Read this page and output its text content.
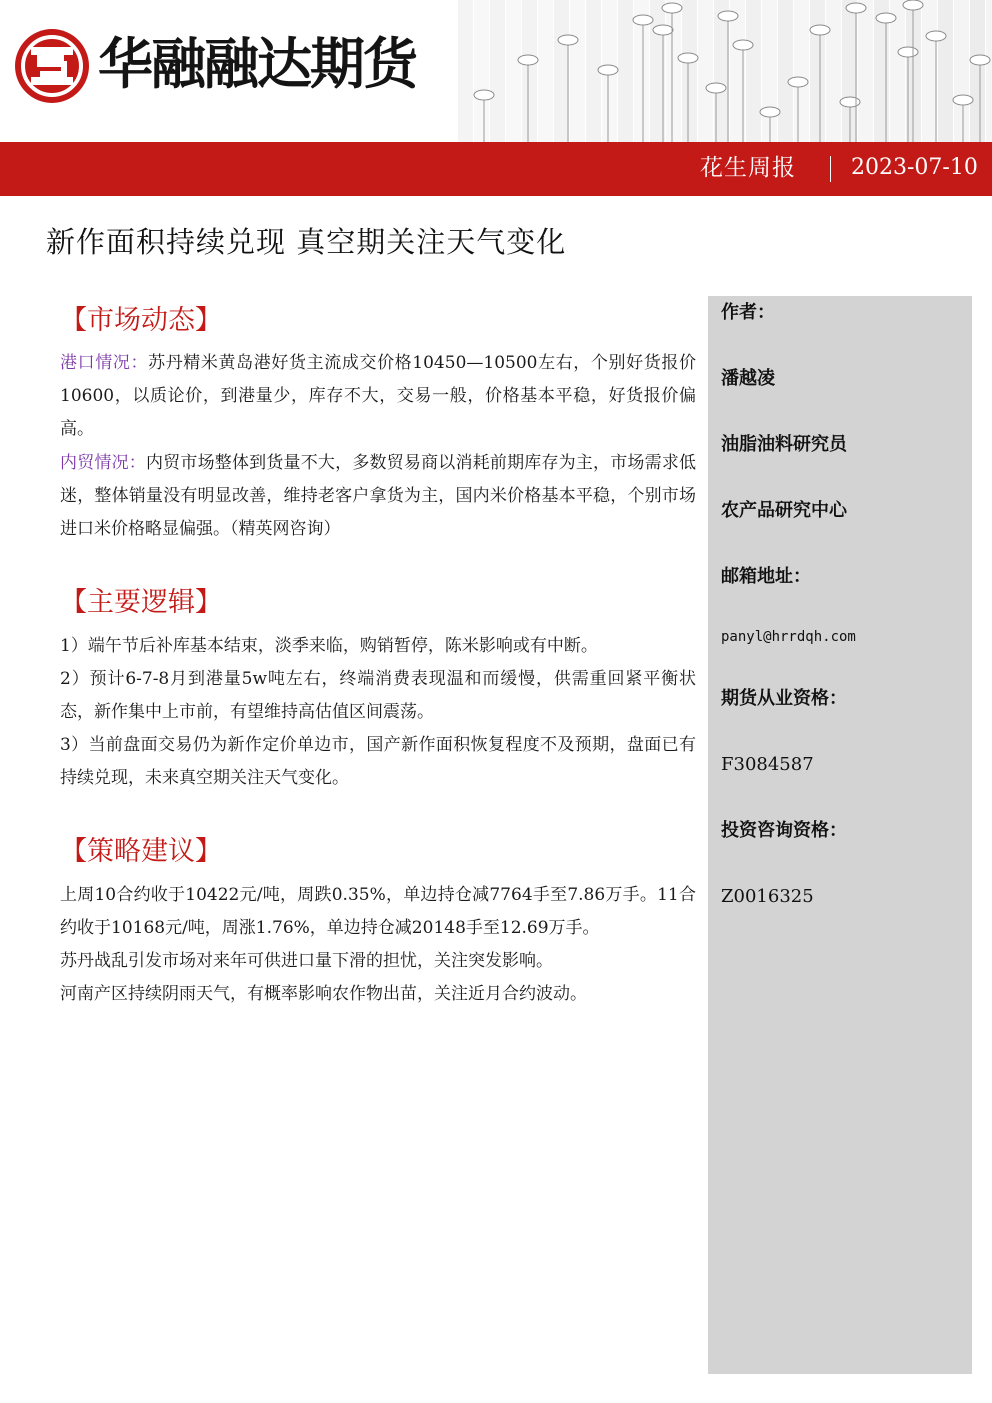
华融融达期货
花生周报	2023-07-10
新作面积持续兑现 真空期关注天气变化
作者：
潘越凌
油脂油料研究员
农产品研究中心
邮箱地址：
panyl@hrrdqh.com
期货从业资格：
F3084587
投资咨询资格：
Z0016325
【市场动态】
港口情况：苏丹精米黄岛港好货主流成交价格10450—10500左右，个别好货报价10600，以质论价，到港量少，库存不大，交易一般，价格基本平稳，好货报价偏高。
内贸情况：内贸市场整体到货量不大，多数贸易商以消耗前期库存为主，市场需求低迷，整体销量没有明显改善，维持老客户拿货为主，国内米价格基本平稳，个别市场进口米价格略显偏强。（精英网咨询）
【主要逻辑】
1）端午节后补库基本结束，淡季来临，购销暂停，陈米影响或有中断。
2）预计6-7-8月到港量5w吨左右，终端消费表现温和而缓慢，供需重回紧平衡状态，新作集中上市前，有望维持高估值区间震荡。
3）当前盘面交易仍为新作定价单边市，国产新作面积恢复程度不及预期，盘面已有持续兑现，未来真空期关注天气变化。
【策略建议】
上周10合约收于10422元/吨，周跌0.35%，单边持仓减7764手至7.86万手。11合约收于10168元/吨，周涨1.76%，单边持仓减20148手至12.69万手。
苏丹战乱引发市场对来年可供进口量下滑的担忧，关注突发影响。
河南产区持续阴雨天气，有概率影响农作物出苗，关注近月合约波动。
